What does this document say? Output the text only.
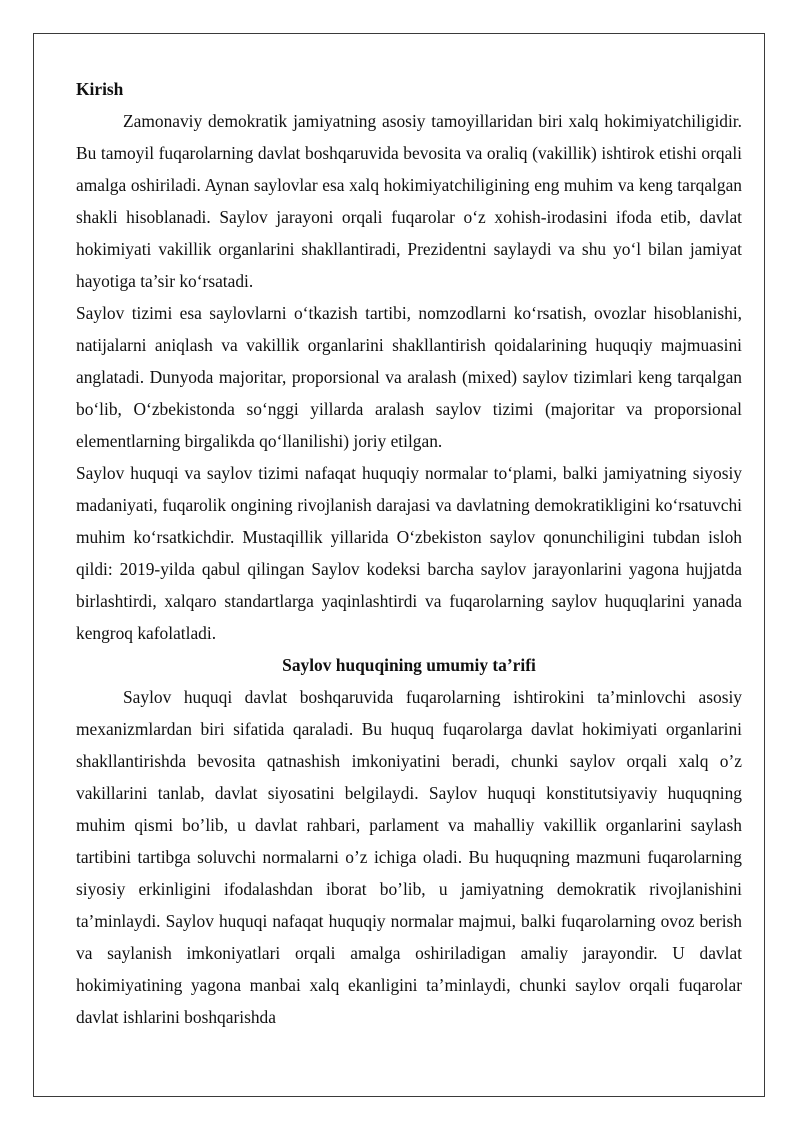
Kirish

Zamonaviy demokratik jamiyatning asosiy tamoyillaridan biri xalq hokimiyatchiligidir. Bu tamoyil fuqarolarning davlat boshqaruvida bevosita va oraliq (vakillik) ishtirok etishi orqali amalga oshiriladi. Aynan saylovlar esa xalq hokimiyatchiligining eng muhim va keng tarqalgan shakli hisoblanadi. Saylov jarayoni orqali fuqarolar o‘z xohish-irodasini ifoda etib, davlat hokimiyati vakillik organlarini shakllantiradi, Prezidentni saylaydi va shu yo‘l bilan jamiyat hayotiga ta’sir ko‘rsatadi.

Saylov tizimi esa saylovlarni o‘tkazish tartibi, nomzodlarni ko‘rsatish, ovozlar hisoblanishi, natijalarni aniqlash va vakillik organlarini shakllantirish qoidalarining huquqiy majmuasini anglatadi. Dunyoda majoritar, proporsional va aralash (mixed) saylov tizimlari keng tarqalgan bo‘lib, O‘zbekistonda so‘nggi yillarda aralash saylov tizimi (majoritar va proporsional elementlarning birgalikda qo‘llanilishi) joriy etilgan.

Saylov huquqi va saylov tizimi nafaqat huquqiy normalar to‘plami, balki jamiyatning siyosiy madaniyati, fuqarolik ongining rivojlanish darajasi va davlatning demokratikligini ko‘rsatuvchi muhim ko‘rsatkichdir. Mustaqillik yillarida O‘zbekiston saylov qonunchiligini tubdan isloh qildi: 2019-yilda qabul qilingan Saylov kodeksi barcha saylov jarayonlarini yagona hujjatda birlashtirdi, xalqaro standartlarga yaqinlashtirdi va fuqarolarning saylov huquqlarini yanada kengroq kafolatladi.

Saylov huquqining umumiy ta’rifi

Saylov huquqi davlat boshqaruvida fuqarolarning ishtirokini ta’minlovchi asosiy mexanizmlardan biri sifatida qaraladi. Bu huquq fuqarolarga davlat hokimiyati organlarini shakllantirishda bevosita qatnashish imkoniyatini beradi, chunki saylov orqali xalq o’z vakillarini tanlab, davlat siyosatini belgilaydi. Saylov huquqi konstitutsiyaviy huquqning muhim qismi bo’lib, u davlat rahbari, parlament va mahalliy vakillik organlarini saylash tartibini tartibga soluvchi normalarni o’z ichiga oladi. Bu huquqning mazmuni fuqarolarning siyosiy erkinligini ifodalashdan iborat bo’lib, u jamiyatning demokratik rivojlanishini ta’minlaydi. Saylov huquqi nafaqat huquqiy normalar majmui, balki fuqarolarning ovoz berish va saylanish imkoniyatlari orqali amalga oshiriladigan amaliy jarayondir. U davlat hokimiyatining yagona manbai xalq ekanligini ta’minlaydi, chunki saylov orqali fuqarolar davlat ishlarini boshqarishda
